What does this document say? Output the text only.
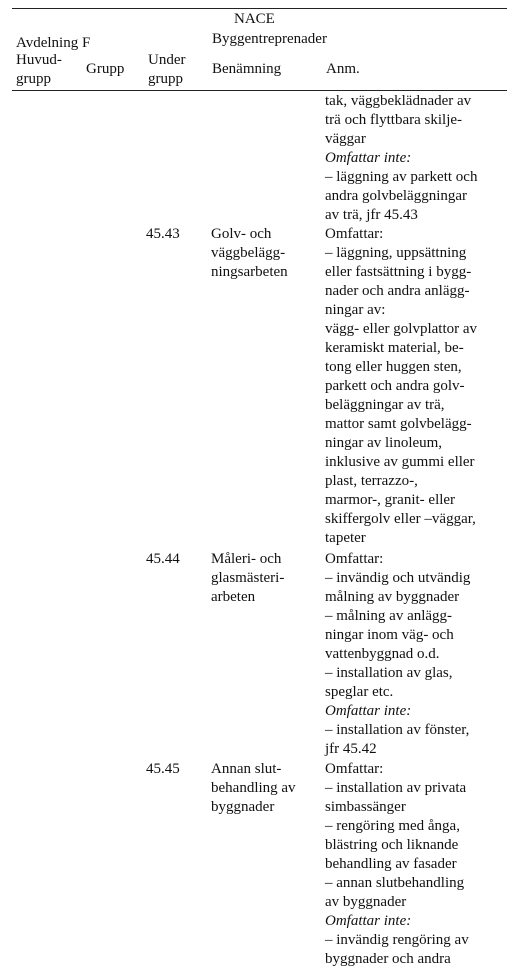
NACE
Byggentreprenader
Avdelning F
Huvud-
grupp
Grupp
Under
grupp
Benämning	Anm.
tak, väggbeklädnader av
trä och flyttbara skilje-
väggar
Omfattar inte:
– läggning av parkett och
andra golvbeläggningar
av trä, jfr 45.43
45.43 Golv- och
väggbelägg-
ningsarbeten
Omfattar:
– läggning, uppsättning
eller fastsättning i bygg-
nader och andra anlägg-
ningar av:
vägg- eller golvplattor av
keramiskt material, be-
tong eller huggen sten,
parkett och andra golv-
beläggningar av trä,
mattor samt golvbelägg-
ningar av linoleum,
inklusive av gummi eller
plast, terrazzo-,
marmor-, granit- eller
skiffergolv eller –väggar,
tapeter
45.44 Måleri- och
glasmästeri-
arbeten
Omfattar:
– invändig och utvändig
målning av byggnader
– målning av anlägg-
ningar inom väg- och
vattenbyggnad o.d.
– installation av glas,
speglar etc.
Omfattar inte:
– installation av fönster,
jfr 45.42
45.45 Annan slut-
behandling av
byggnader
Omfattar:
– installation av privata
simbassänger
– rengöring med ånga,
blästring och liknande
behandling av fasader
– annan slutbehandling
av byggnader
Omfattar inte:
– invändig rengöring av
byggnader och andra
